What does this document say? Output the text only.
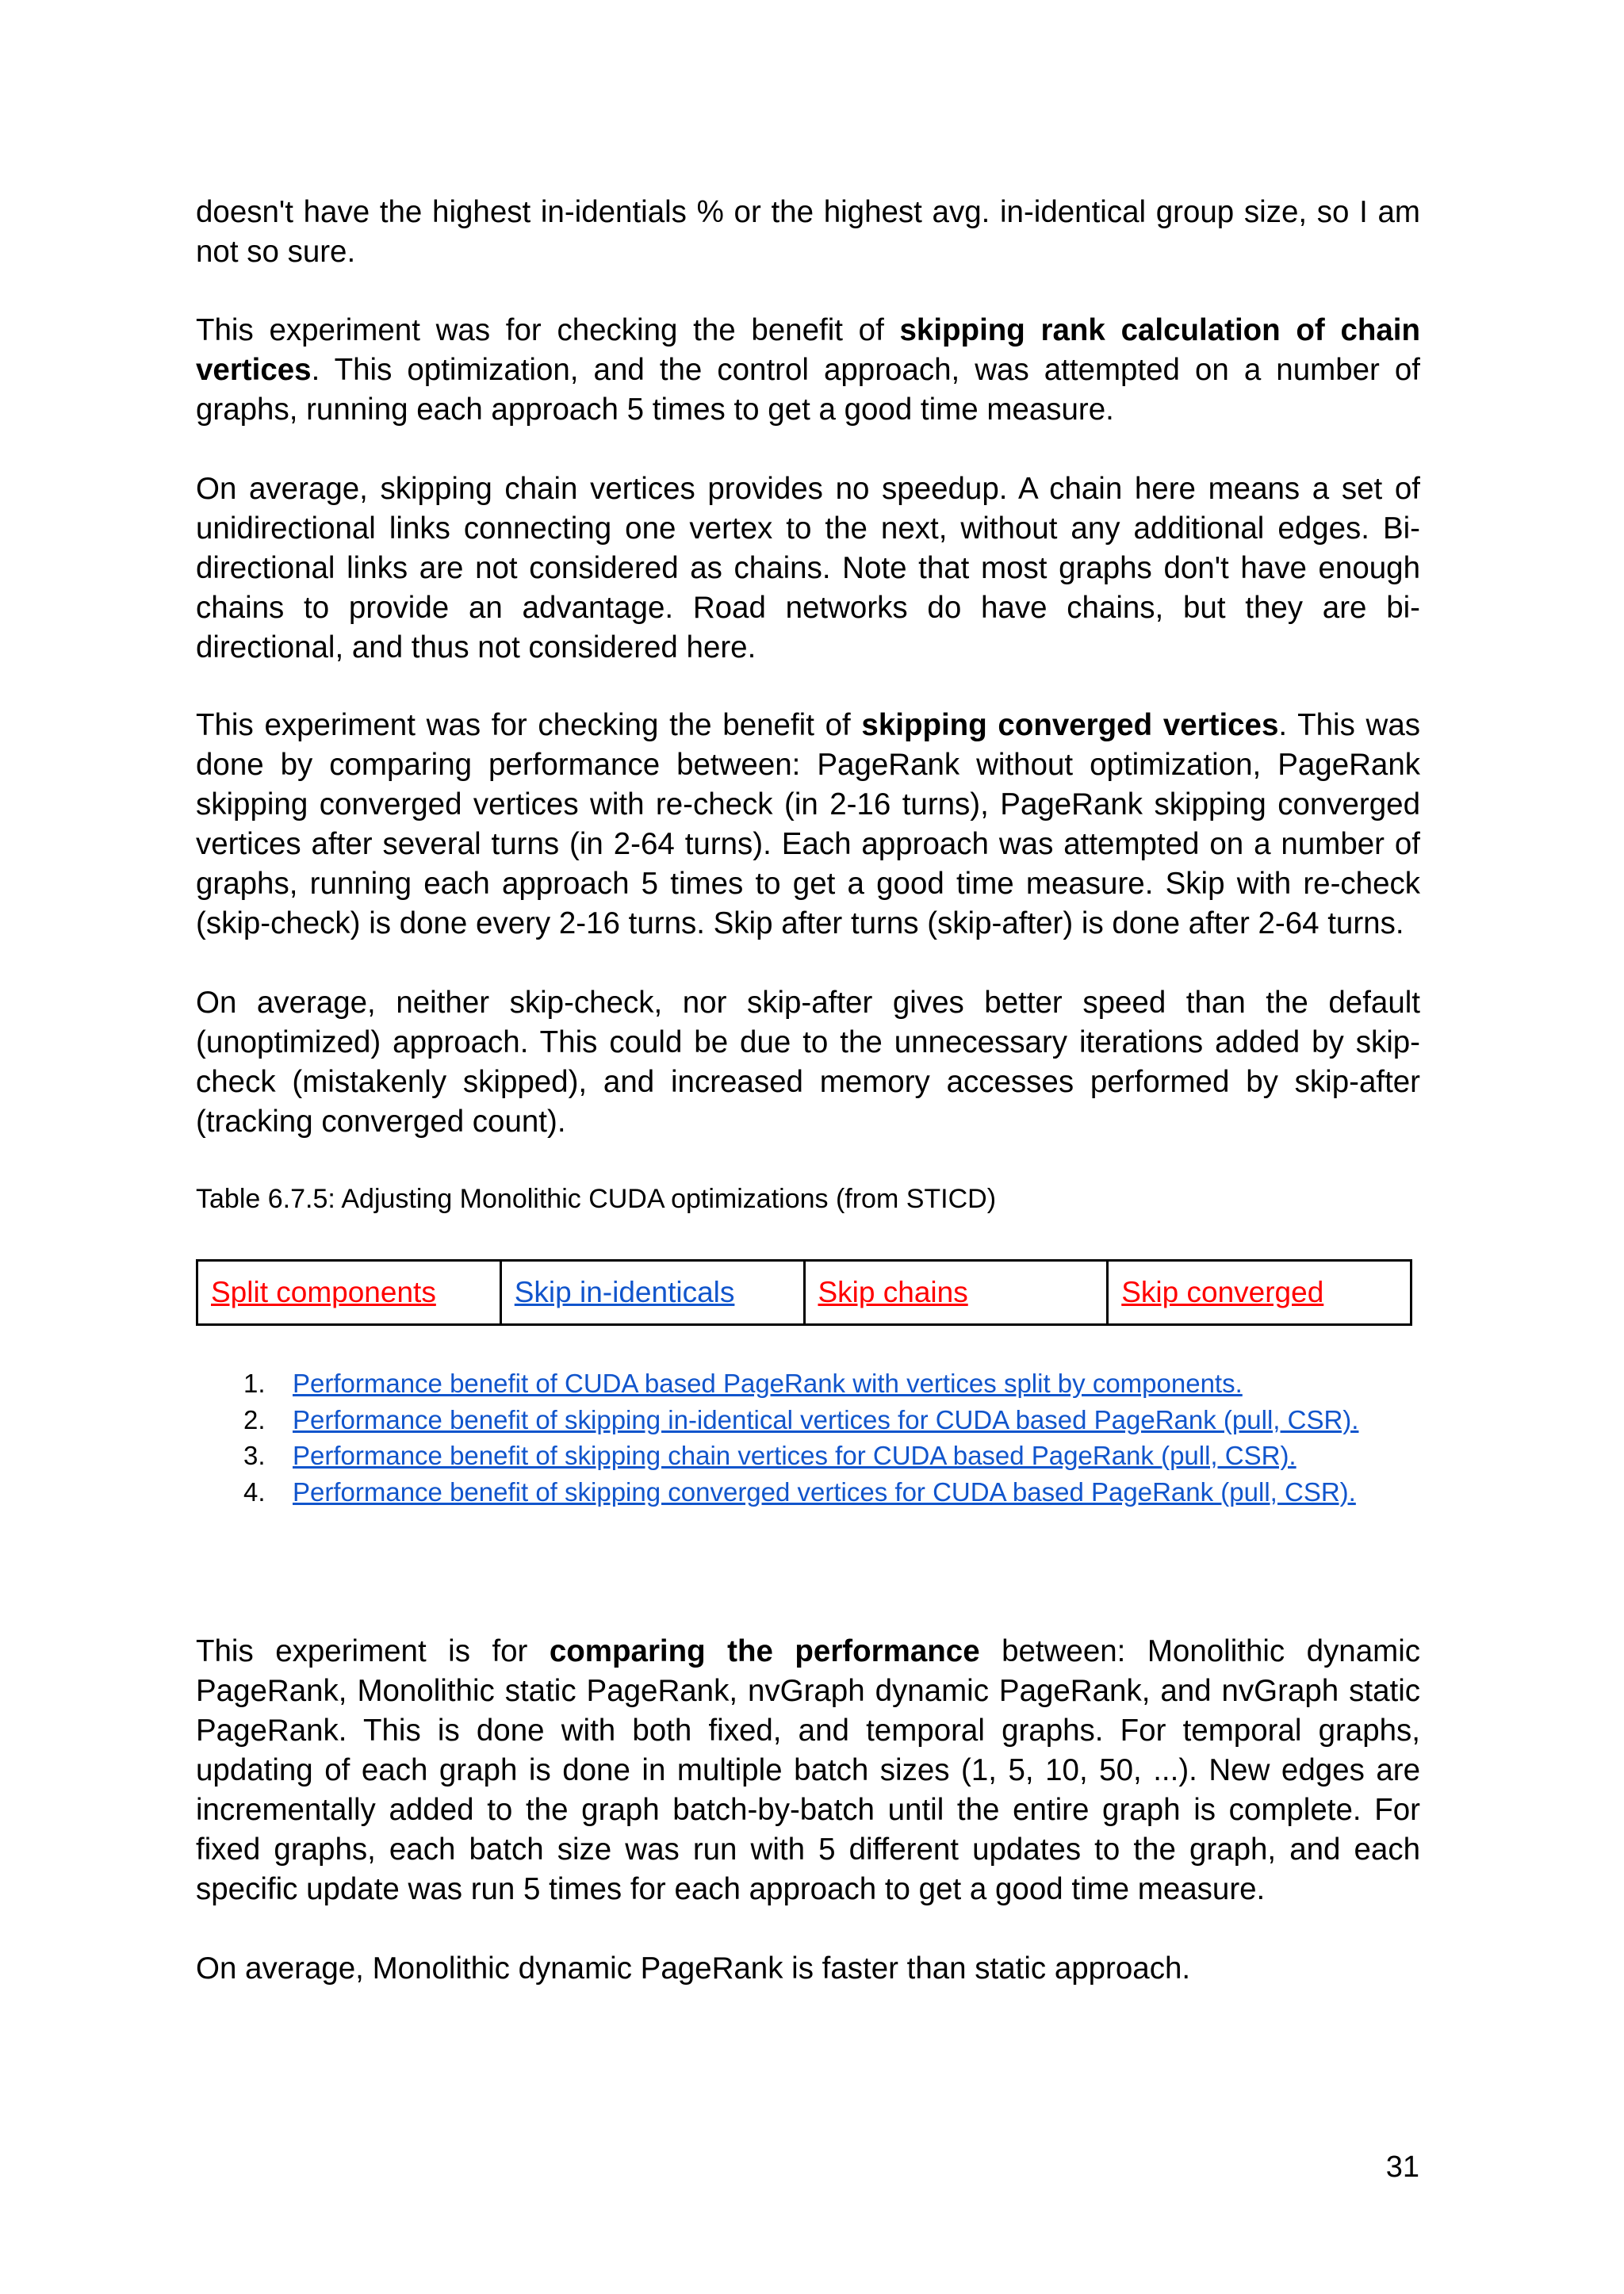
doesn't have the highest in-identials % or the highest avg. in-identical group size, so I am not so sure.

This experiment was for checking the benefit of skipping rank calculation of chain vertices. This optimization, and the control approach, was attempted on a number of graphs, running each approach 5 times to get a good time measure.

On average, skipping chain vertices provides no speedup. A chain here means a set of unidirectional links connecting one vertex to the next, without any additional edges. Bi-directional links are not considered as chains. Note that most graphs don't have enough chains to provide an advantage. Road networks do have chains, but they are bi-directional, and thus not considered here.

This experiment was for checking the benefit of skipping converged vertices. This was done by comparing performance between: PageRank without optimization, PageRank skipping converged vertices with re-check (in 2-16 turns), PageRank skipping converged vertices after several turns (in 2-64 turns). Each approach was attempted on a number of graphs, running each approach 5 times to get a good time measure. Skip with re-check (skip-check) is done every 2-16 turns. Skip after turns (skip-after) is done after 2-64 turns.

On average, neither skip-check, nor skip-after gives better speed than the default (unoptimized) approach. This could be due to the unnecessary iterations added by skip-check (mistakenly skipped), and increased memory accesses performed by skip-after (tracking converged count).

Table 6.7.5: Adjusting Monolithic CUDA optimizations (from STICD)
Split components	Skip in-identicals	Skip chains	Skip converged
1. Performance benefit of CUDA based PageRank with vertices split by components.
2. Performance benefit of skipping in-identical vertices for CUDA based PageRank (pull, CSR).
3. Performance benefit of skipping chain vertices for CUDA based PageRank (pull, CSR).
4. Performance benefit of skipping converged vertices for CUDA based PageRank (pull, CSR).

This experiment is for comparing the performance between: Monolithic dynamic PageRank, Monolithic static PageRank, nvGraph dynamic PageRank, and nvGraph static PageRank. This is done with both fixed, and temporal graphs. For temporal graphs, updating of each graph is done in multiple batch sizes (1, 5, 10, 50, ...). New edges are incrementally added to the graph batch-by-batch until the entire graph is complete. For fixed graphs, each batch size was run with 5 different updates to the graph, and each specific update was run 5 times for each approach to get a good time measure.

On average, Monolithic dynamic PageRank is faster than static approach.

31
